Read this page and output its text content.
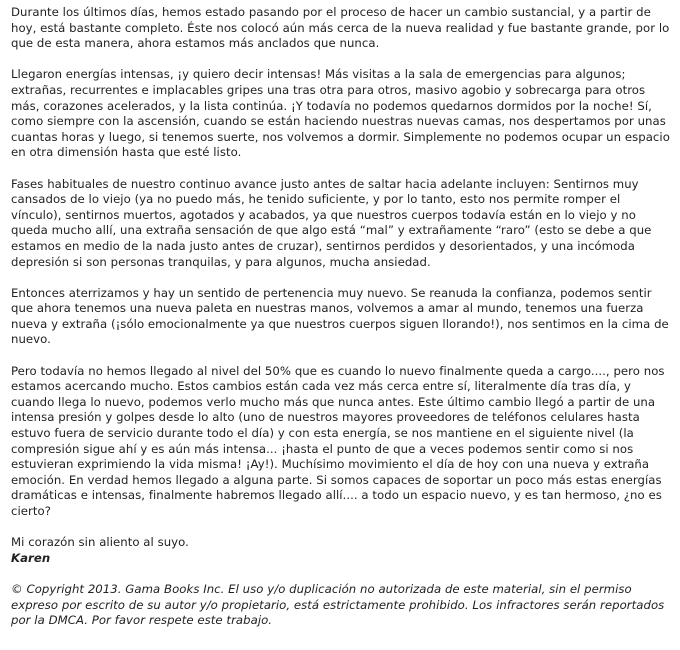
Durante los últimos días, hemos estado pasando por el proceso de hacer un cambio sustancial, y a partir de hoy, está bastante completo. Éste nos colocó aún más cerca de la nueva realidad y fue bastante grande, por lo que de esta manera, ahora estamos más anclados que nunca.

Llegaron energías intensas, ¡y quiero decir intensas! Más visitas a la sala de emergencias para algunos; extrañas, recurrentes e implacables gripes una tras otra para otros, masivo agobio y sobrecarga para otros más, corazones acelerados, y la lista continúa. ¡Y todavía no podemos quedarnos dormidos por la noche! Sí, como siempre con la ascensión, cuando se están haciendo nuestras nuevas camas, nos despertamos por unas cuantas horas y luego, si tenemos suerte, nos volvemos a dormir. Simplemente no podemos ocupar un espacio en otra dimensión hasta que esté listo.

Fases habituales de nuestro continuo avance justo antes de saltar hacia adelante incluyen: Sentirnos muy cansados de lo viejo (ya no puedo más, he tenido suficiente, y por lo tanto, esto nos permite romper el vínculo), sentirnos muertos, agotados y acabados, ya que nuestros cuerpos todavía están en lo viejo y no queda mucho allí, una extraña sensación de que algo está “mal” y extrañamente “raro” (esto se debe a que estamos en medio de la nada justo antes de cruzar), sentirnos perdidos y desorientados, y una incómoda depresión si son personas tranquilas, y para algunos, mucha ansiedad.

Entonces aterrizamos y hay un sentido de pertenencia muy nuevo. Se reanuda la confianza, podemos sentir que ahora tenemos una nueva paleta en nuestras manos, volvemos a amar al mundo, tenemos una fuerza nueva y extraña (¡sólo emocionalmente ya que nuestros cuerpos siguen llorando!), nos sentimos en la cima de nuevo.

Pero todavía no hemos llegado al nivel del 50% que es cuando lo nuevo finalmente queda a cargo...., pero nos estamos acercando mucho. Estos cambios están cada vez más cerca entre sí, literalmente día tras día, y cuando llega lo nuevo, podemos verlo mucho más que nunca antes. Este último cambio llegó a partir de una intensa presión y golpes desde lo alto (uno de nuestros mayores proveedores de teléfonos celulares hasta estuvo fuera de servicio durante todo el día) y con esta energía, se nos mantiene en el siguiente nivel (la compresión sigue ahí y es aún más intensa... ¡hasta el punto de que a veces podemos sentir como si nos estuvieran exprimiendo la vida misma! ¡Ay!). Muchísimo movimiento el día de hoy con una nueva y extraña emoción. En verdad hemos llegado a alguna parte. Si somos capaces de soportar un poco más estas energías dramáticas e intensas, finalmente habremos llegado allí.... a todo un espacio nuevo, y es tan hermoso, ¿no es cierto?

Mi corazón sin aliento al suyo.
Karen

© Copyright 2013. Gama Books Inc. El uso y/o duplicación no autorizada de este material, sin el permiso expreso por escrito de su autor y/o propietario, está estrictamente prohibido. Los infractores serán reportados por la DMCA. Por favor respete este trabajo.
